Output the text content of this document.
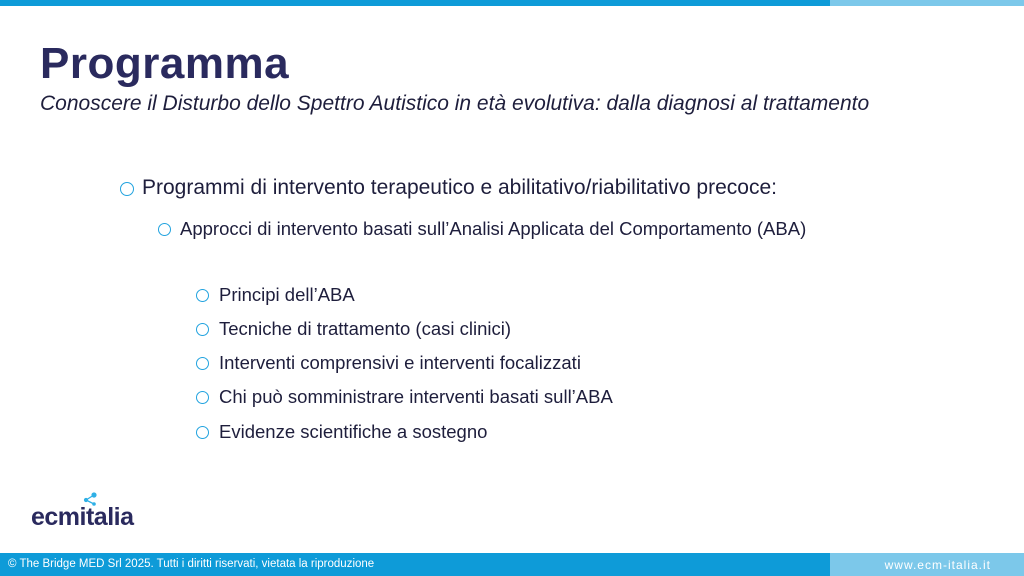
Programma

Conoscere il Disturbo dello Spettro Autistico in età evolutiva: dalla diagnosi al trattamento

Programmi di intervento terapeutico e abilitativo/riabilitativo precoce:
Approcci di intervento basati sull’Analisi Applicata del Comportamento (ABA)
Principi dell’ABA
Tecniche di trattamento (casi clinici)
Interventi comprensivi e interventi focalizzati
Chi può somministrare interventi basati sull’ABA
Evidenze scientifiche a sostegno
ecmitalia
© The Bridge MED Srl 2025. Tutti i diritti riservati, vietata la riproduzione	www.ecm-italia.it
